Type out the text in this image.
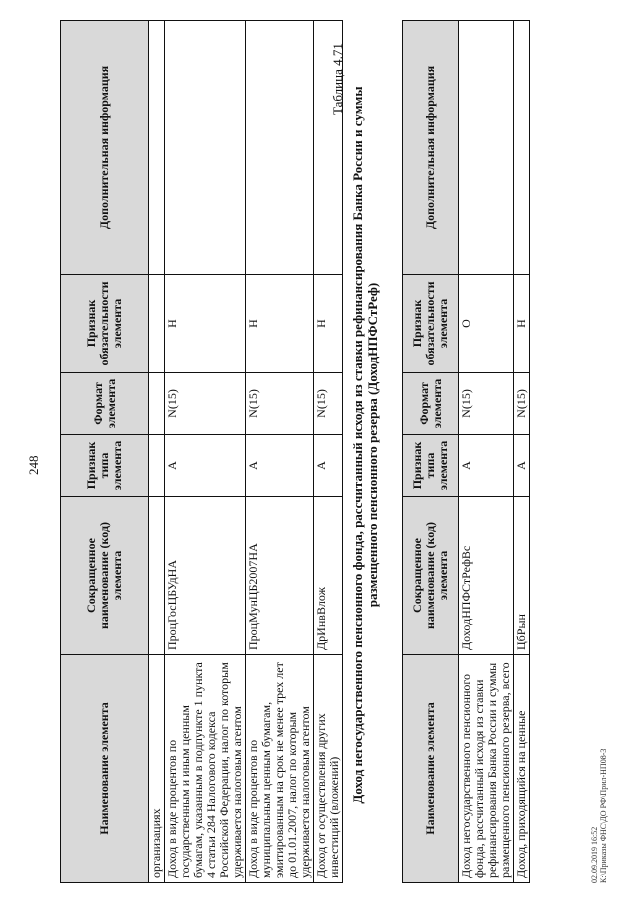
248
Наименование элемента	Сокращенное наименование (код) элемента	Признак типа элемента	Формат элемента	Признак обязательности элемента	Дополнительная информация
организациях					
Доход в виде процентов по государственным и иным ценным бумагам, указанным в подпункте 1 пункта 4 статьи 284 Налогового кодекса Российской Федерации, налог по которым удерживается налоговым агентом	ПроцГосЦБУдНА	А	N(15)	Н	
Доход в виде процентов по муниципальным ценным бумагам, эмитированным на срок не менее трех лет до 01.01.2007, налог по которым удерживается налоговым агентом	ПроцМунЦБ2007НА	А	N(15)	Н	
Доход от осуществления других инвестиций (вложений)	ДрИнвВлож	А	N(15)	Н	
Таблица 4.71
Доход негосударственного пенсионного фонда, рассчитанный исходя из ставки рефинансирования Банка России и суммы размещенного пенсионного резерва (ДоходНПФСтРеф)
Наименование элемента	Сокращенное наименование (код) элемента	Признак типа элемента	Формат элемента	Признак обязательности элемента	Дополнительная информация
Доход негосударственного пенсионного фонда, рассчитанный исходя из ставки рефинансирования Банка России и суммы размещенного пенсионного резерва, всего	ДоходНПФСтРефВс	А	N(15)	О	
Доход, приходящийся на ценные	ЦбРын	А	N(15)	Н	
02.09.2019 16:52 К:\Приказы ФНС\ДО РФ\Прил-НП08-3
